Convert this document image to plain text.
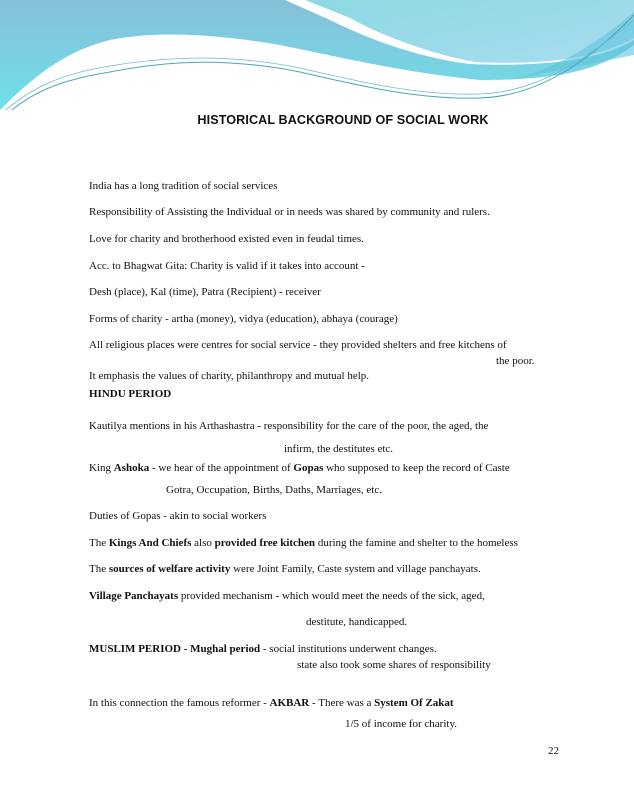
HISTORICAL BACKGROUND OF SOCIAL WORK
India has a long tradition of social services
Responsibility of Assisting the Individual or in needs was shared by community and rulers.
Love for charity and brotherhood existed even in feudal times.
Acc. to Bhagwat Gita: Charity is valid if it takes into account -
Desh (place), Kal (time), Patra (Recipient) - receiver
Forms of charity - artha (money), vidya (education), abhaya (courage)
All religious places were centres for social service - they provided shelters and free kitchens of
the poor.
It emphasis the values of charity, philanthropy and mutual help.
HINDU PERIOD
Kautilya mentions in his Arthashastra - responsibility for the care of the poor, the aged, the
infirm, the destitutes etc.
King Ashoka - we hear of the appointment of Gopas who supposed to keep the record of Caste
Gotra, Occupation, Births, Daths, Marriages, etc.
Duties of Gopas - akin to social workers
The Kings And Chiefs also provided free kitchen during the famine and shelter to the homeless
The sources of welfare activity were Joint Family, Caste system and village panchayats.
Village Panchayats provided mechanism - which would meet the needs of the sick, aged,
destitute, handicapped.
MUSLIM PERIOD - Mughal period - social institutions underwent changes.
state also took some shares of responsibility
In this connection the famous reformer - AKBAR - There was a System Of Zakat
1/5 of income for charity.
22
